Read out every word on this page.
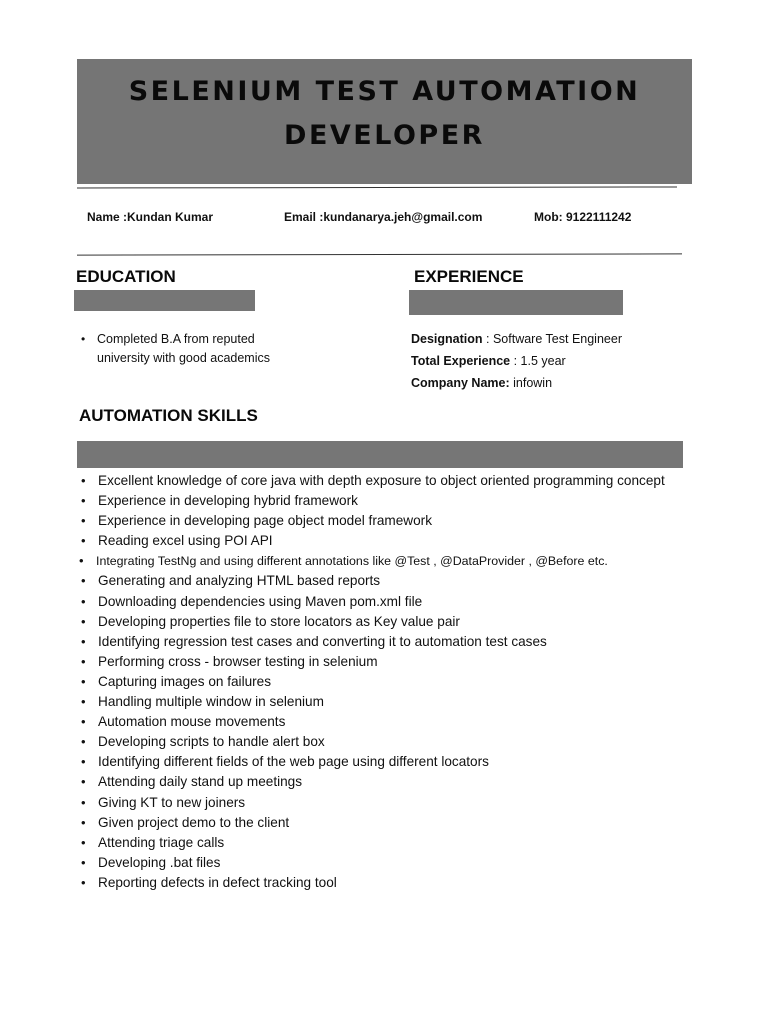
SELENIUM TEST AUTOMATION
DEVELOPER
Name :Kundan Kumar	Email :kundanarya.jeh@gmail.com	Mob: 9122111242
EDUCATION
• Completed B.A from reputed university with good academics
EXPERIENCE
Designation : Software Test Engineer
Total Experience : 1.5 year
Company Name: infowin
AUTOMATION SKILLS
• Excellent knowledge of core java with depth exposure to object oriented programming concept
• Experience in developing hybrid framework
• Experience in developing page object model framework
• Reading excel using POI API
• Integrating TestNg and using different annotations like @Test , @DataProvider , @Before etc.
• Generating and analyzing HTML based reports
• Downloading dependencies using Maven pom.xml file
• Developing properties file to store locators as Key value pair
• Identifying regression test cases and converting it to automation test cases
• Performing cross - browser testing in selenium
• Capturing images on failures
• Handling multiple window in selenium
• Automation mouse movements
• Developing scripts to handle alert box
• Identifying different fields of the web page using different locators
• Attending daily stand up meetings
• Giving KT to new joiners
• Given project demo to the client
• Attending triage calls
• Developing .bat files
• Reporting defects in defect tracking tool
